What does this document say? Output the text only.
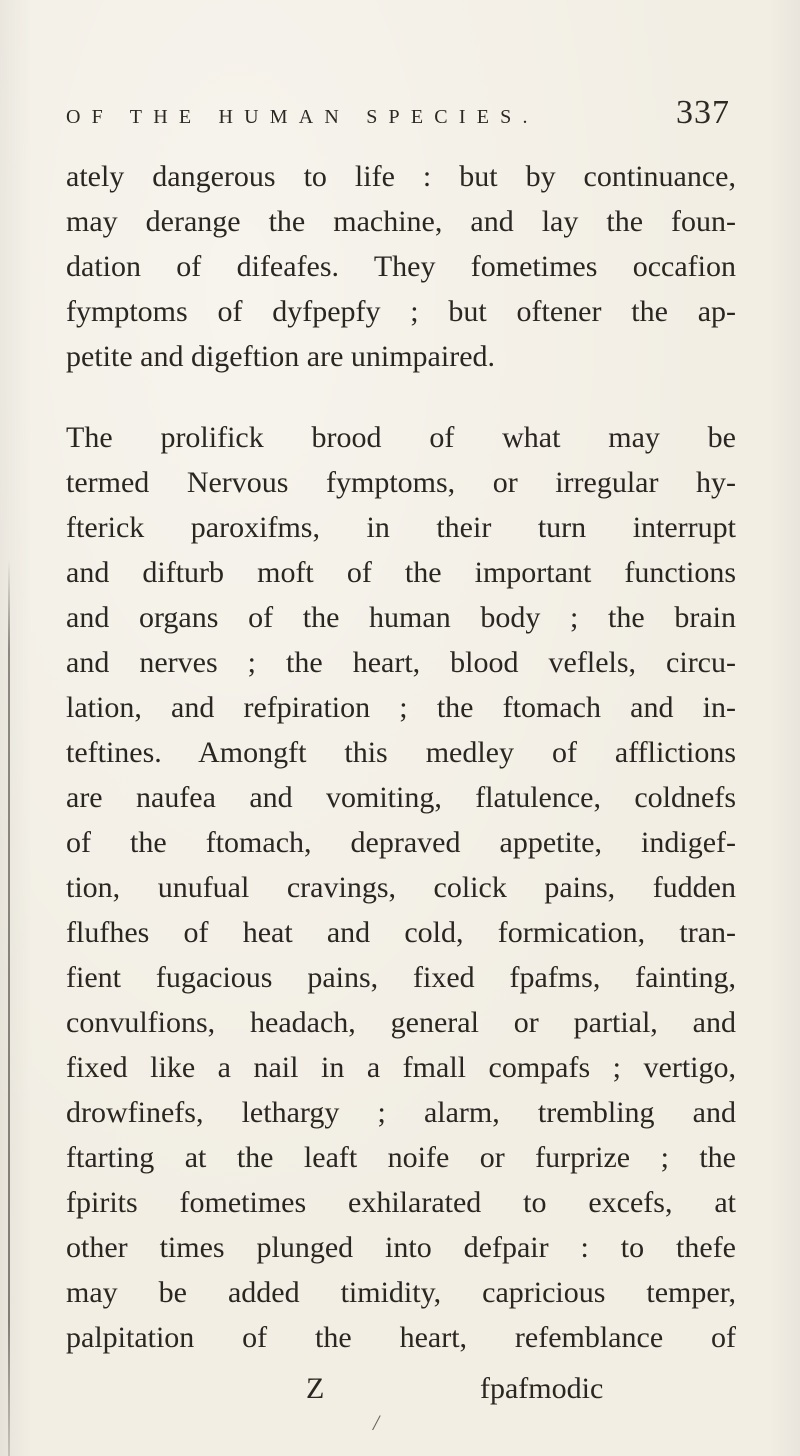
OF THE HUMAN SPECIES.	337

ately dangerous to life : but by continuance,
may derange the machine, and lay the foun-
dation of difeafes. They fometimes occafion
fymptoms of dyfpepfy ; but oftener the ap-
petite and digeftion are unimpaired.

The prolifick brood of what may be
termed Nervous fymptoms, or irregular hy-
fterick paroxifms, in their turn interrupt
and difturb moft of the important functions
and organs of the human body ; the brain
and nerves ; the heart, blood veflels, circu-
lation, and refpiration ; the ftomach and in-
teftines. Amongft this medley of afflictions
are naufea and vomiting, flatulence, coldnefs
of the ftomach, depraved appetite, indigef-
tion, unufual cravings, colick pains, fudden
flufhes of heat and cold, formication, tran-
fient fugacious pains, fixed fpafms, fainting,
convulfions, headach, general or partial, and
fixed like a nail in a fmall compafs ; vertigo,
drowfinefs, lethargy ; alarm, trembling and
ftarting at the leaft noife or furprize ; the
fpirits fometimes exhilarated to excefs, at
other times plunged into defpair : to thefe
may be added timidity, capricious temper,
palpitation of the heart, refemblance of

Z	fpafmodic
/
